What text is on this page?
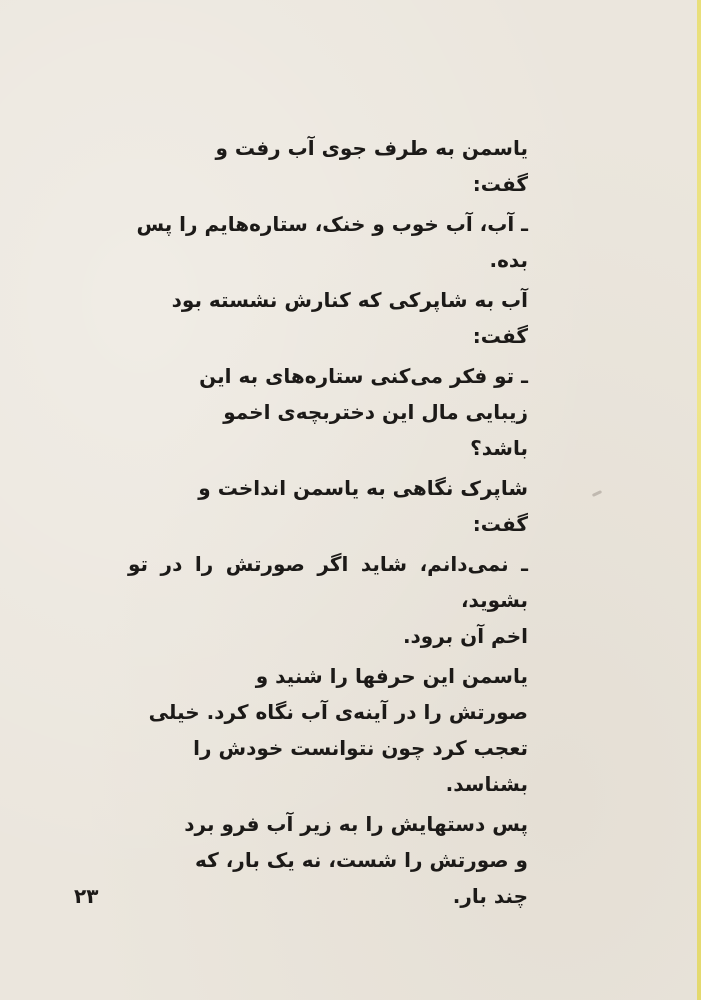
یاسمن به طرف جوی آب رفت و
گفت:

ـ آب، آب خوب و خنک، ستاره‌هایم را پس
بده.

آب به شاپرکی که کنارش نشسته بود
گفت:

ـ تو فکر می‌کنی ستاره‌های به این
زیبایی مال این دختربچه‌ی اخمو
باشد؟

شاپرک نگاهی به یاسمن انداخت و
گفت:

ـ نمی‌دانم، شاید اگر صورتش را در تو بشوید،
اخم آن برود.

یاسمن این حرفها را شنید و
صورتش را در آینه‌ی آب نگاه کرد. خیلی
تعجب کرد چون نتوانست خودش را
بشناسد.

پس دستهایش را به زیر آب فرو برد
و صورتش را شست، نه یک بار، که
چند بار.

۲۳
